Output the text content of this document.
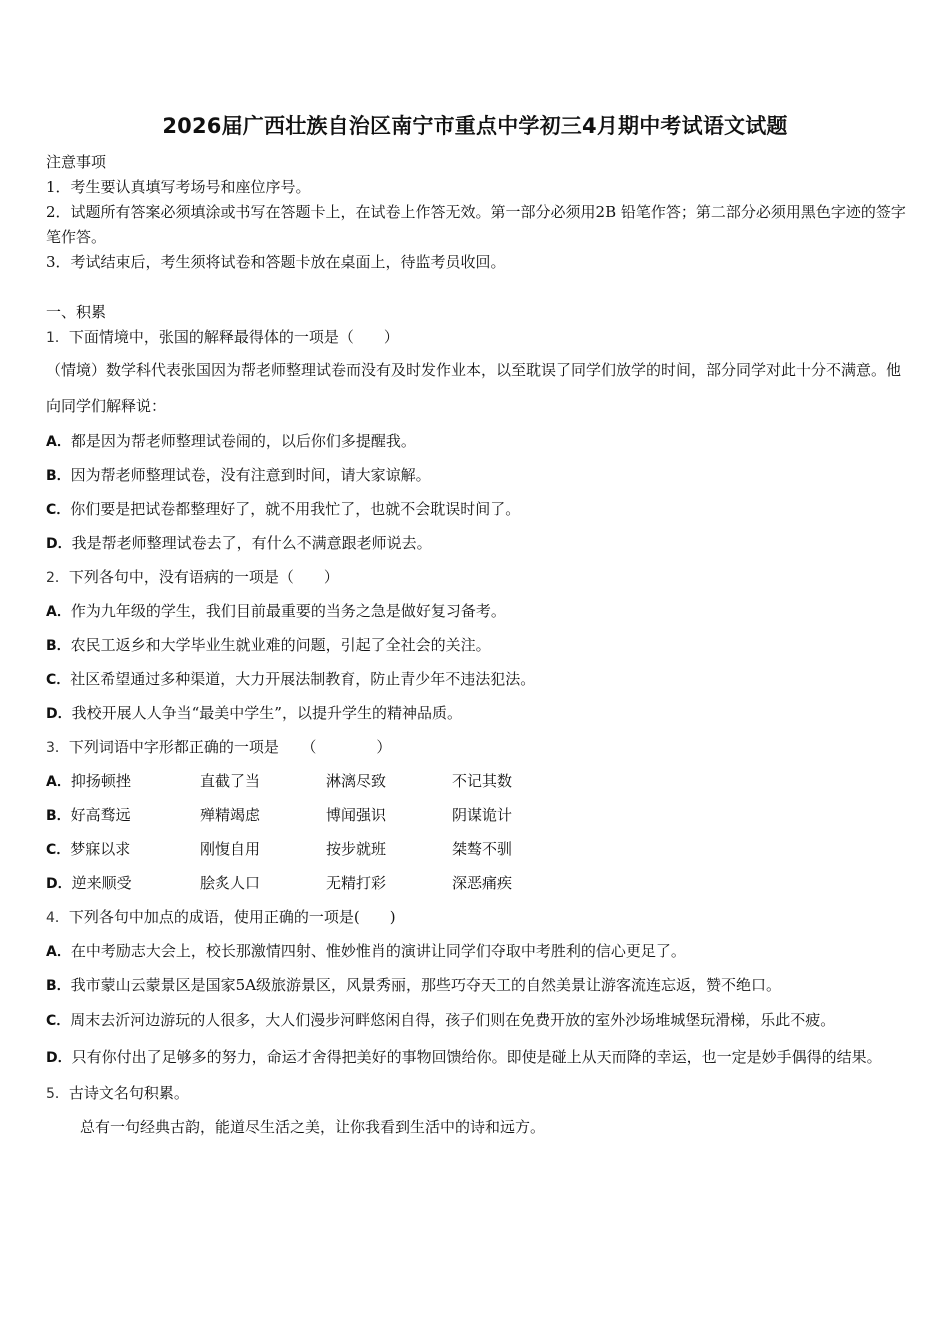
2026届广西壮族自治区南宁市重点中学初三4月期中考试语文试题
注意事项
1．考生要认真填写考场号和座位序号。
2．试题所有答案必须填涂或书写在答题卡上，在试卷上作答无效。第一部分必须用2B 铅笔作答；第二部分必须用黑色字迹的签字笔作答。
3．考试结束后，考生须将试卷和答题卡放在桌面上，待监考员收回。
一、积累
1．下面情境中，张国的解释最得体的一项是（　　）
（情境）数学科代表张国因为帮老师整理试卷而没有及时发作业本，以至耽误了同学们放学的时间，部分同学对此十分不满意。他向同学们解释说：
A．都是因为帮老师整理试卷闹的，以后你们多提醒我。
B．因为帮老师整理试卷，没有注意到时间，请大家谅解。
C．你们要是把试卷都整理好了，就不用我忙了，也就不会耽误时间了。
D．我是帮老师整理试卷去了，有什么不满意跟老师说去。
2．下列各句中，没有语病的一项是（　　）
A．作为九年级的学生，我们目前最重要的当务之急是做好复习备考。
B．农民工返乡和大学毕业生就业难的问题，引起了全社会的关注。
C．社区希望通过多种渠道，大力开展法制教育，防止青少年不违法犯法。
D．我校开展人人争当“最美中学生”，以提升学生的精神品质。
3．下列词语中字形都正确的一项是　　（　　　　）
A．抑扬顿挫	直截了当	淋漓尽致	不记其数
B．好高骛远	殚精竭虑	博闻强识	阴谋诡计
C．梦寐以求	刚愎自用	按步就班	桀骜不驯
D．逆来顺受	脍炙人口	无精打彩	深恶痛疾
4．下列各句中加点的成语，使用正确的一项是(　　)
A．在中考励志大会上，校长那激情四射、惟妙惟肖的演讲让同学们夺取中考胜利的信心更足了。
B．我市蒙山云蒙景区是国家5A级旅游景区，风景秀丽，那些巧夺天工的自然美景让游客流连忘返，赞不绝口。
C．周末去沂河边游玩的人很多，大人们漫步河畔悠闲自得，孩子们则在免费开放的室外沙场堆城堡玩滑梯，乐此不疲。
D．只有你付出了足够多的努力，命运才舍得把美好的事物回馈给你。即使是碰上从天而降的幸运，也一定是妙手偶得的结果。
5．古诗文名句积累。
总有一句经典古韵，能道尽生活之美，让你我看到生活中的诗和远方。
